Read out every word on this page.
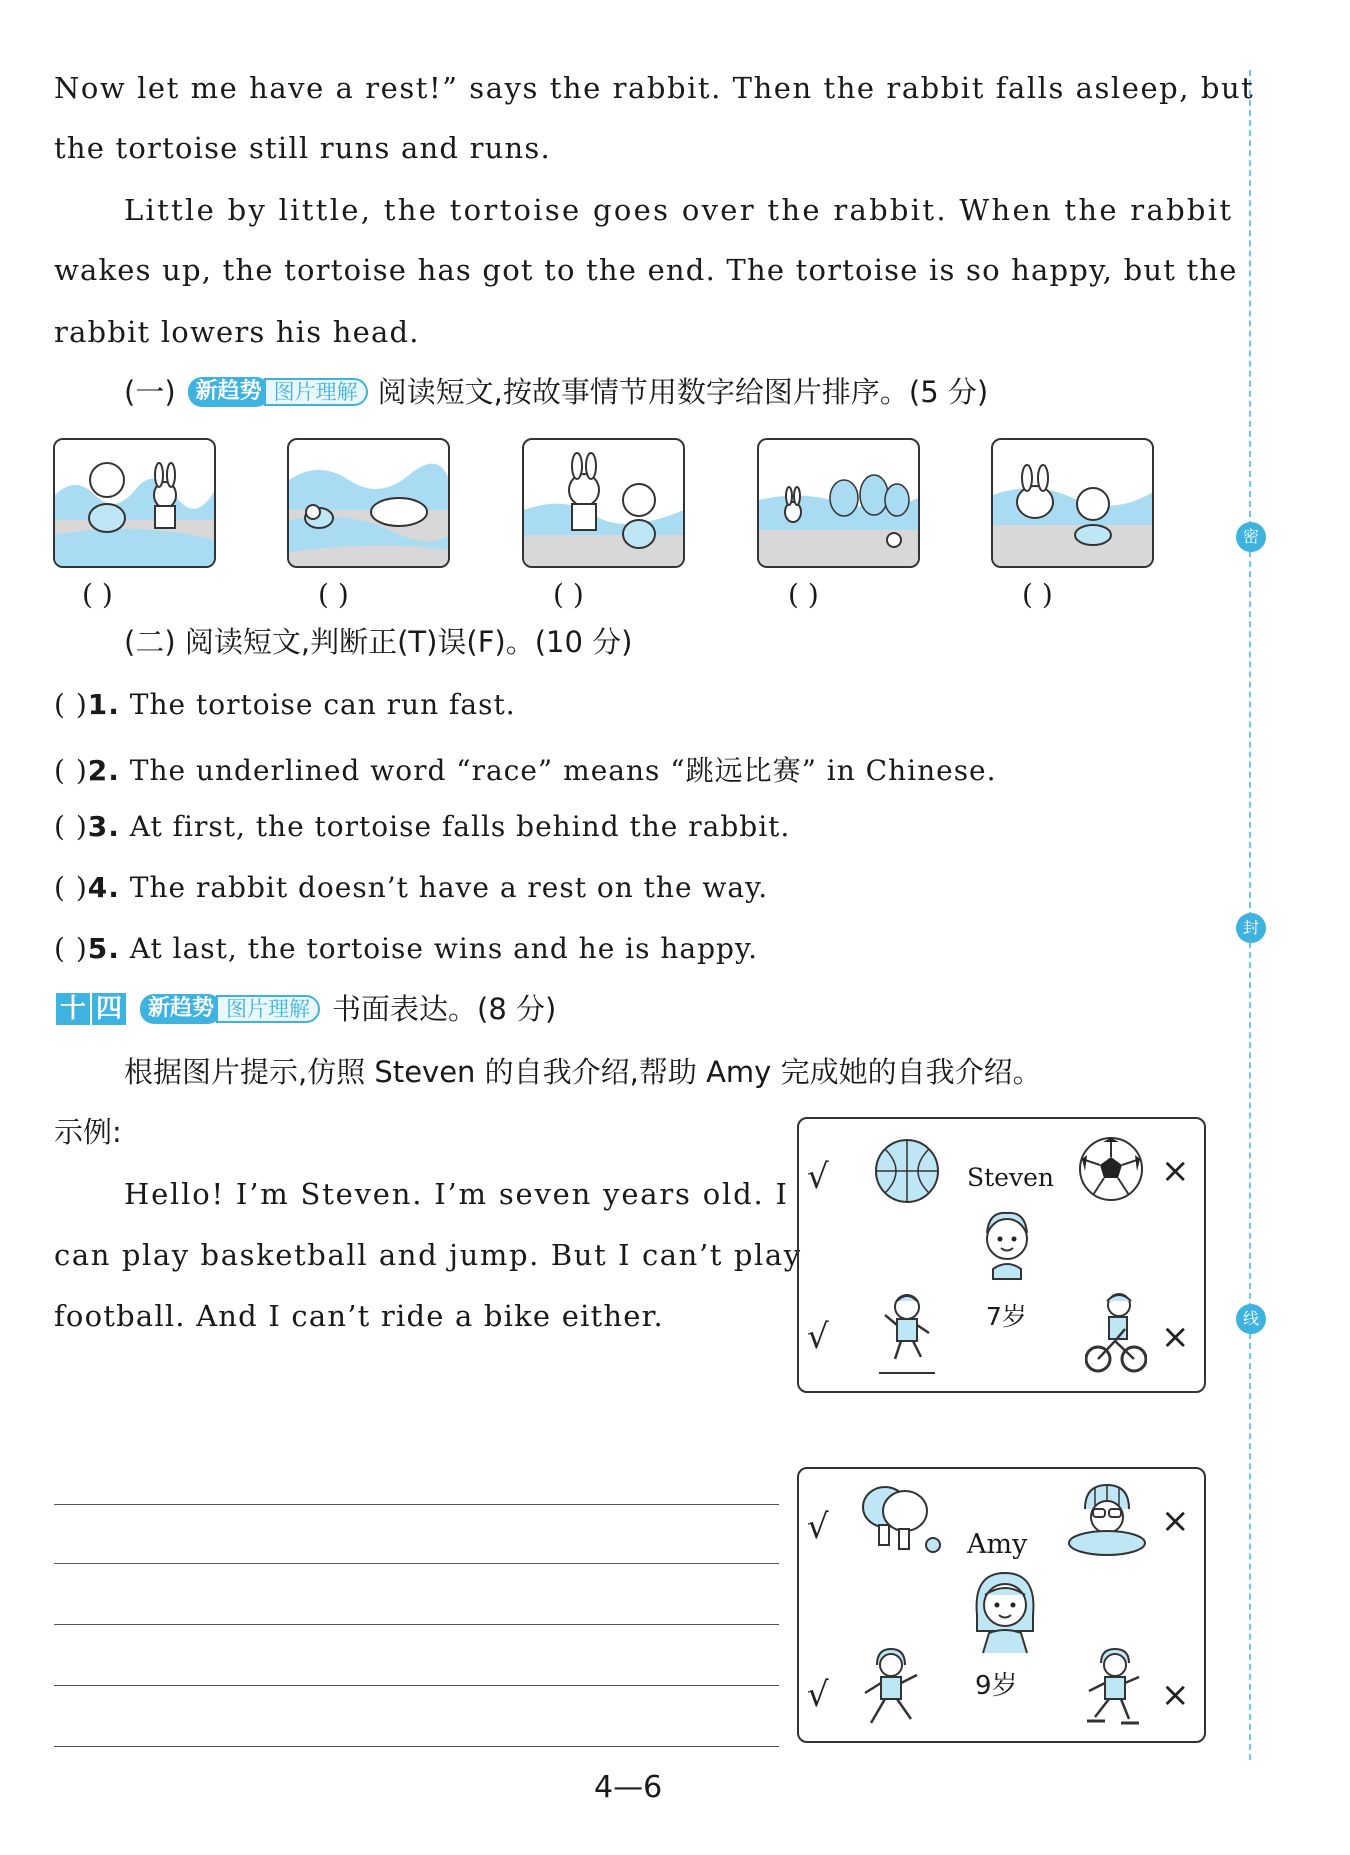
密
封
线
Now let me have a rest!” says the rabbit. Then the rabbit falls asleep, but
the tortoise still runs and runs.
Little by little, the tortoise goes over the rabbit. When the rabbit
wakes up, the tortoise has got to the end. The tortoise is so happy, but the
rabbit lowers his head.
(一) 新趋势 图片理解 阅读短文,按故事情节用数字给图片排序。(5 分)
( )	( )	( )	( )	( )
(二) 阅读短文,判断正(T)误(F)。(10 分)
( )1. The tortoise can run fast.
( )2. The underlined word “race” means “跳远比赛” in Chinese.
( )3. At first, the tortoise falls behind the rabbit.
( )4. The rabbit doesn’t have a rest on the way.
( )5. At last, the tortoise wins and he is happy.
十 四	新趋势 图片理解 书面表达。(8 分)
根据图片提示,仿照 Steven 的自我介绍,帮助 Amy 完成她的自我介绍。
示例:
Hello! I’m Steven. I’m seven years old. I
can play basketball and jump. But I can’t play
football. And I can’t ride a bike either.
√	Steven	×
7岁
√	×
√	Amy
×
9岁
√	×
4—6
